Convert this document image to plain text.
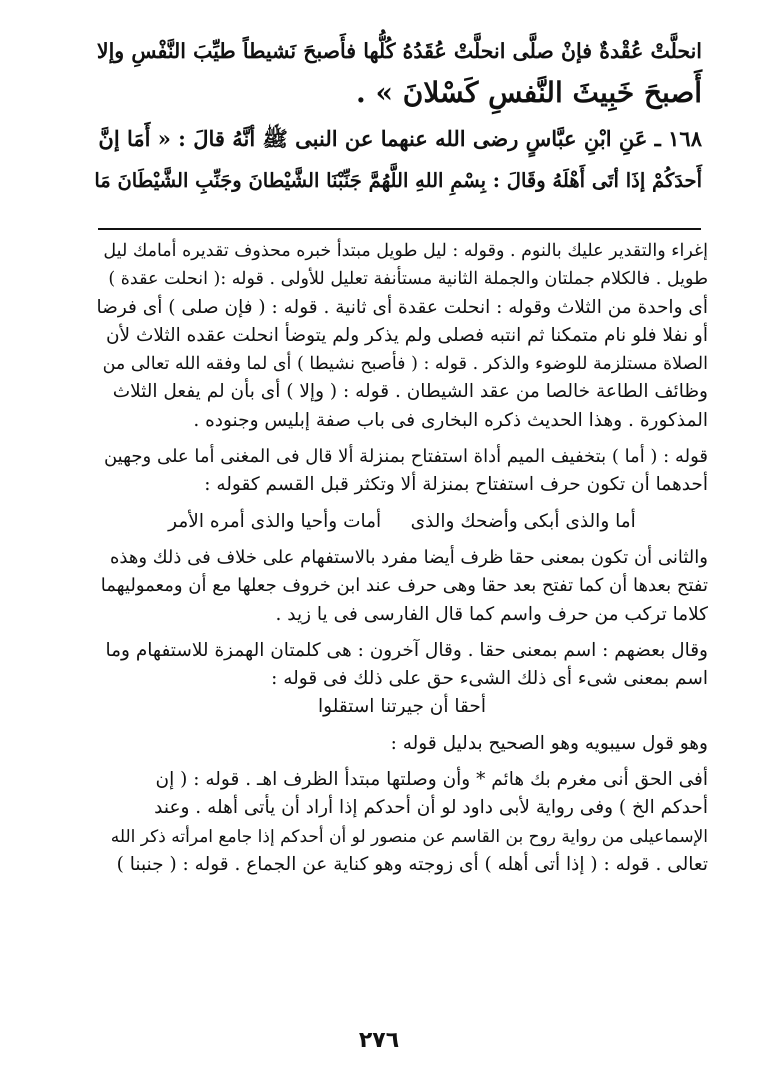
انحلَّتْ عُقْدةٌ فإنْ صلَّى انحلَّتْ عُقَدُهُ كُلُّها فأَصبحَ نَشيطاً طيِّبَ النَّفْسِ وإلا

أَصبحَ خَبِيثَ النَّفسِ كَسْلانَ » .

١٦٨ ـ عَنِ ابْنِ عبَّاسٍ رضى الله عنهما عن النبى ﷺ أنَّهُ قالَ : « أَمَا إنَّ

أَحدَكُمْ إذَا أتَى أَهْلَهُ وقَالَ : بِسْمِ اللهِ اللَّهُمَّ جَنِّبْنَا الشَّيْطانَ وجَنِّبِ الشَّيْطَانَ مَا

إغراء والتقدير عليك بالنوم . وقوله : ليل طويل مبتدأ خبره محذوف تقديره أمامك ليل

طويل . فالكلام جملتان والجملة الثانية مستأنفة تعليل للأولى . قوله :( انحلت عقدة )

أى واحدة من الثلاث وقوله : انحلت عقدة أى ثانية . قوله : ( فإن صلى ) أى فرضا

أو نفلا فلو نام متمكنا ثم انتبه فصلى ولم يذكر ولم يتوضأ انحلت عقده الثلاث لأن

الصلاة مستلزمة للوضوء والذكر . قوله : ( فأصبح نشيطا ) أى لما وفقه الله تعالى من

وظائف الطاعة خالصا من عقد الشيطان . قوله : ( وإلا ) أى بأن لم يفعل الثلاث

المذكورة . وهذا الحديث ذكره البخارى فى باب صفة إبليس وجنوده .

قوله : ( أما ) بتخفيف الميم أداة استفتاح بمنزلة ألا قال فى المغنى أما على وجهين

أحدهما أن تكون حرف استفتاح بمنزلة ألا وتكثر قبل القسم كقوله :

أما والذى أبكى وأضحك والذى     أمات وأحيا والذى أمره الأمر

والثانى أن تكون بمعنى حقا ظرف أيضا مفرد بالاستفهام على خلاف فى ذلك وهذه

تفتح بعدها أن كما تفتح بعد حقا وهى حرف عند ابن خروف جعلها مع أن ومعموليهما

كلاما تركب من حرف واسم كما قال الفارسى فى يا زيد .

وقال بعضهم : اسم بمعنى حقا . وقال آخرون : هى كلمتان الهمزة للاستفهام وما

اسم بمعنى شىء أى ذلك الشىء حق على ذلك فى قوله :

أحقا أن جيرتنا استقلوا

وهو قول سيبويه وهو الصحيح بدليل قوله :

أفى الحق أنى مغرم بك هائم * وأن وصلتها مبتدأ الظرف اهـ . قوله : ( إن

أحدكم الخ ) وفى رواية لأبى داود لو أن أحدكم إذا أراد أن يأتى أهله . وعند

الإسماعيلى من رواية روح بن القاسم عن منصور لو أن أحدكم إذا جامع امرأته ذكر الله

تعالى . قوله : ( إذا أتى أهله ) أى زوجته وهو كناية عن الجماع . قوله : ( جنبنا )

٢٧٦
